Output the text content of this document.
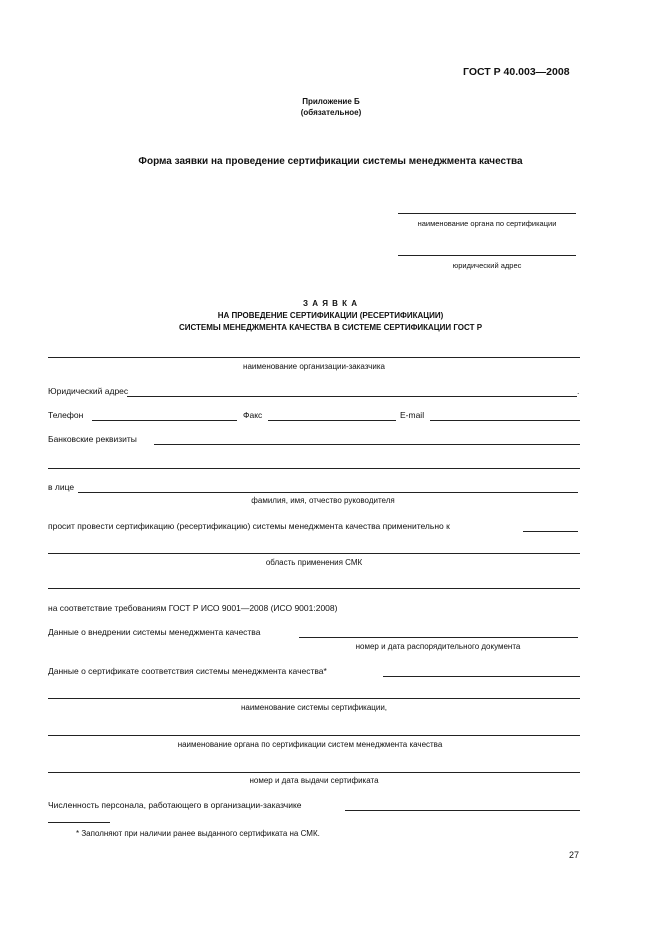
ГОСТ Р 40.003—2008
Приложение Б
(обязательное)
Форма заявки на проведение сертификации системы менеджмента качества
наименование органа по сертификации
юридический адрес
З А Я В К А
НА ПРОВЕДЕНИЕ СЕРТИФИКАЦИИ (РЕСЕРТИФИКАЦИИ)
СИСТЕМЫ МЕНЕДЖМЕНТА КАЧЕСТВА В СИСТЕМЕ СЕРТИФИКАЦИИ ГОСТ Р
наименование организации-заказчика
Юридический адрес	.
Телефон	Факс	E-mail
Банковские реквизиты
в лице
фамилия, имя, отчество руководителя
просит провести сертификацию (ресертификацию) системы менеджмента качества применительно к
область применения СМК
на соответствие требованиям ГОСТ Р ИСО 9001—2008 (ИСО 9001:2008)
Данные о внедрении системы менеджмента качества
номер и дата распорядительного документа
Данные о сертификате соответствия системы менеджмента качества*
наименование системы сертификации,
наименование органа по сертификации систем менеджмента качества
номер и дата выдачи сертификата
Численность персонала, работающего в организации-заказчике
* Заполняют при наличии ранее выданного сертификата на СМК.
27
